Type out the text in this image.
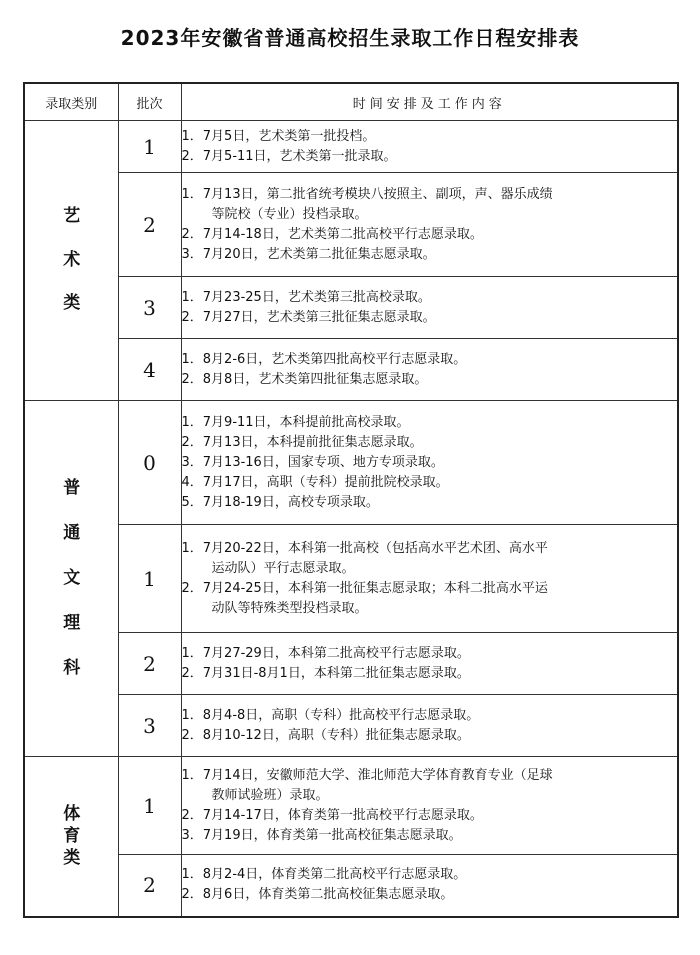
2023年安徽省普通高校招生录取工作日程安排表
录取类别	批次	时间安排及工作内容
艺术类	1	1．7月5日，艺术类第一批投档。
2．7月5-11日，艺术类第一批录取。

	2	1．7月13日，第二批省统考模块八按照主、副项，声、器乐成绩
等院校（专业）投档录取。
2．7月14-18日，艺术类第二批高校平行志愿录取。
3．7月20日，艺术类第二批征集志愿录取。

	3	1．7月23-25日，艺术类第三批高校录取。
2．7月27日，艺术类第三批征集志愿录取。

	4	1．8月2-6日，艺术类第四批高校平行志愿录取。
2．8月8日，艺术类第四批征集志愿录取。

普通文理科	0	1．7月9-11日，本科提前批高校录取。
2．7月13日，本科提前批征集志愿录取。
3．7月13-16日，国家专项、地方专项录取。
4．7月17日，高职（专科）提前批院校录取。
5．7月18-19日，高校专项录取。

	1	1．7月20-22日，本科第一批高校（包括高水平艺术团、高水平
运动队）平行志愿录取。
2．7月24-25日，本科第一批征集志愿录取；本科二批高水平运
动队等特殊类型投档录取。

	2	1．7月27-29日，本科第二批高校平行志愿录取。
2．7月31日-8月1日，本科第二批征集志愿录取。

	3	1．8月4-8日，高职（专科）批高校平行志愿录取。
2．8月10-12日，高职（专科）批征集志愿录取。

体育类	1	1．7月14日，安徽师范大学、淮北师范大学体育教育专业（足球
教师试验班）录取。
2．7月14-17日，体育类第一批高校平行志愿录取。
3．7月19日，体育类第一批高校征集志愿录取。

	2	1．8月2-4日，体育类第二批高校平行志愿录取。
2．8月6日，体育类第二批高校征集志愿录取。
